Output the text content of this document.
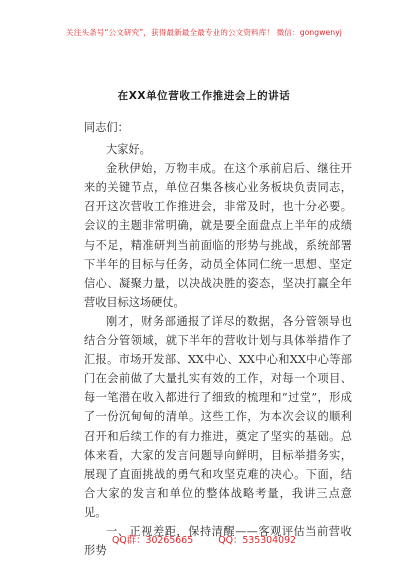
关注头条号“公文研究”，获得最新最全最专业的公文资料库！ 微信：gongwenyj
在XX单位营收工作推进会上的讲话

同志们：

大家好。

金秋伊始，万物丰成。在这个承前启后、继往开来的关键节点，单位召集各核心业务板块负责同志，召开这次营收工作推进会，非常及时，也十分必要。会议的主题非常明确，就是要全面盘点上半年的成绩与不足，精准研判当前面临的形势与挑战，系统部署下半年的目标与任务，动员全体同仁统一思想、坚定信心、凝聚力量，以决战决胜的姿态，坚决打赢全年营收目标这场硬仗。

刚才，财务部通报了详尽的数据，各分管领导也结合分管领域，就下半年的营收计划与具体举措作了汇报。市场开发部、XX中心、XX中心和XX中心等部门在会前做了大量扎实有效的工作，对每一个项目、每一笔潜在收入都进行了细致的梳理和“过堂”，形成了一份沉甸甸的清单。这些工作，为本次会议的顺利召开和后续工作的有力推进，奠定了坚实的基础。总体来看，大家的发言问题导向鲜明，目标举措务实，展现了直面挑战的勇气和攻坚克难的决心。下面，结合大家的发言和单位的整体战略考量，我讲三点意见。

一、正视差距，保持清醒——客观评估当前营收形势

QQ群：30265665	QQ：535304092
